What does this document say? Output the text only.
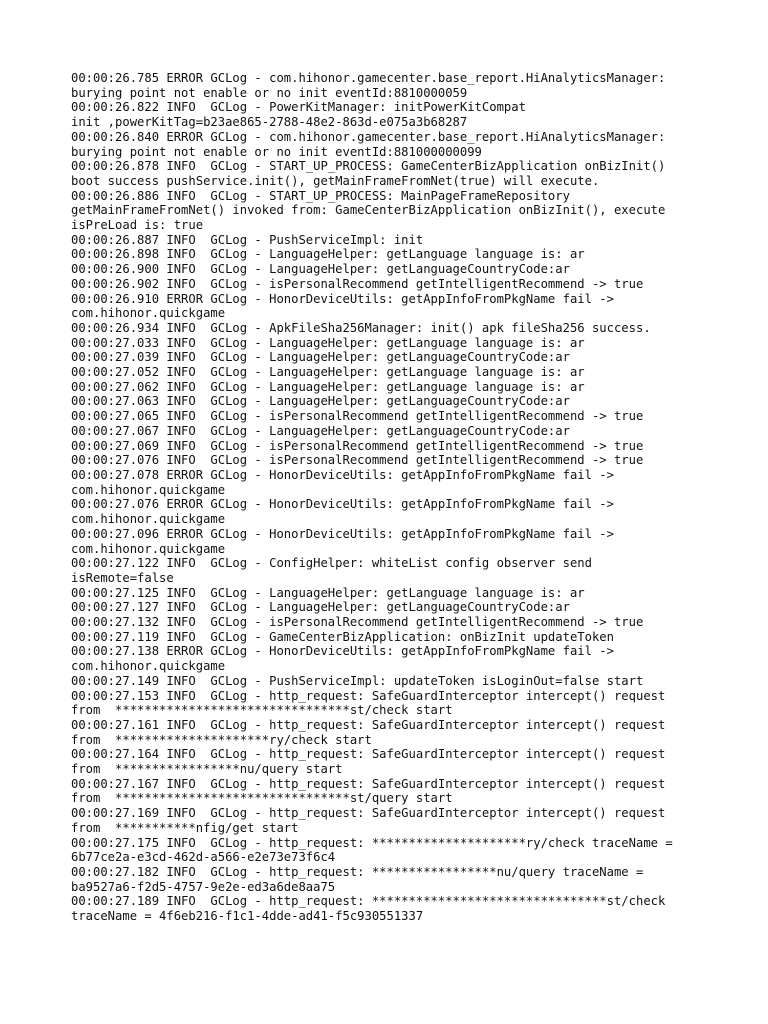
00:00:26.785 ERROR GCLog - com.hihonor.gamecenter.base_report.HiAnalyticsManager:
burying point not enable or no init eventId:8810000059
00:00:26.822 INFO  GCLog - PowerKitManager: initPowerKitCompat
init ,powerKitTag=b23ae865-2788-48e2-863d-e075a3b68287
00:00:26.840 ERROR GCLog - com.hihonor.gamecenter.base_report.HiAnalyticsManager:
burying point not enable or no init eventId:881000000099
00:00:26.878 INFO  GCLog - START_UP_PROCESS: GameCenterBizApplication onBizInit()
boot success pushService.init(), getMainFrameFromNet(true) will execute.
00:00:26.886 INFO  GCLog - START_UP_PROCESS: MainPageFrameRepository
getMainFrameFromNet() invoked from: GameCenterBizApplication onBizInit(), execute
isPreLoad is: true
00:00:26.887 INFO  GCLog - PushServiceImpl: init
00:00:26.898 INFO  GCLog - LanguageHelper: getLanguage language is: ar
00:00:26.900 INFO  GCLog - LanguageHelper: getLanguageCountryCode:ar
00:00:26.902 INFO  GCLog - isPersonalRecommend getIntelligentRecommend -> true
00:00:26.910 ERROR GCLog - HonorDeviceUtils: getAppInfoFromPkgName fail ->
com.hihonor.quickgame
00:00:26.934 INFO  GCLog - ApkFileSha256Manager: init() apk fileSha256 success.
00:00:27.033 INFO  GCLog - LanguageHelper: getLanguage language is: ar
00:00:27.039 INFO  GCLog - LanguageHelper: getLanguageCountryCode:ar
00:00:27.052 INFO  GCLog - LanguageHelper: getLanguage language is: ar
00:00:27.062 INFO  GCLog - LanguageHelper: getLanguage language is: ar
00:00:27.063 INFO  GCLog - LanguageHelper: getLanguageCountryCode:ar
00:00:27.065 INFO  GCLog - isPersonalRecommend getIntelligentRecommend -> true
00:00:27.067 INFO  GCLog - LanguageHelper: getLanguageCountryCode:ar
00:00:27.069 INFO  GCLog - isPersonalRecommend getIntelligentRecommend -> true
00:00:27.076 INFO  GCLog - isPersonalRecommend getIntelligentRecommend -> true
00:00:27.078 ERROR GCLog - HonorDeviceUtils: getAppInfoFromPkgName fail ->
com.hihonor.quickgame
00:00:27.076 ERROR GCLog - HonorDeviceUtils: getAppInfoFromPkgName fail ->
com.hihonor.quickgame
00:00:27.096 ERROR GCLog - HonorDeviceUtils: getAppInfoFromPkgName fail ->
com.hihonor.quickgame
00:00:27.122 INFO  GCLog - ConfigHelper: whiteList config observer send
isRemote=false
00:00:27.125 INFO  GCLog - LanguageHelper: getLanguage language is: ar
00:00:27.127 INFO  GCLog - LanguageHelper: getLanguageCountryCode:ar
00:00:27.132 INFO  GCLog - isPersonalRecommend getIntelligentRecommend -> true
00:00:27.119 INFO  GCLog - GameCenterBizApplication: onBizInit updateToken
00:00:27.138 ERROR GCLog - HonorDeviceUtils: getAppInfoFromPkgName fail ->
com.hihonor.quickgame
00:00:27.149 INFO  GCLog - PushServiceImpl: updateToken isLoginOut=false start
00:00:27.153 INFO  GCLog - http_request: SafeGuardInterceptor intercept() request
from  ********************************st/check start
00:00:27.161 INFO  GCLog - http_request: SafeGuardInterceptor intercept() request
from  *********************ry/check start
00:00:27.164 INFO  GCLog - http_request: SafeGuardInterceptor intercept() request
from  *****************nu/query start
00:00:27.167 INFO  GCLog - http_request: SafeGuardInterceptor intercept() request
from  ********************************st/query start
00:00:27.169 INFO  GCLog - http_request: SafeGuardInterceptor intercept() request
from  ***********nfig/get start
00:00:27.175 INFO  GCLog - http_request: *********************ry/check traceName =
6b77ce2a-e3cd-462d-a566-e2e73e73f6c4
00:00:27.182 INFO  GCLog - http_request: *****************nu/query traceName =
ba9527a6-f2d5-4757-9e2e-ed3a6de8aa75
00:00:27.189 INFO  GCLog - http_request: ********************************st/check
traceName = 4f6eb216-f1c1-4dde-ad41-f5c930551337
